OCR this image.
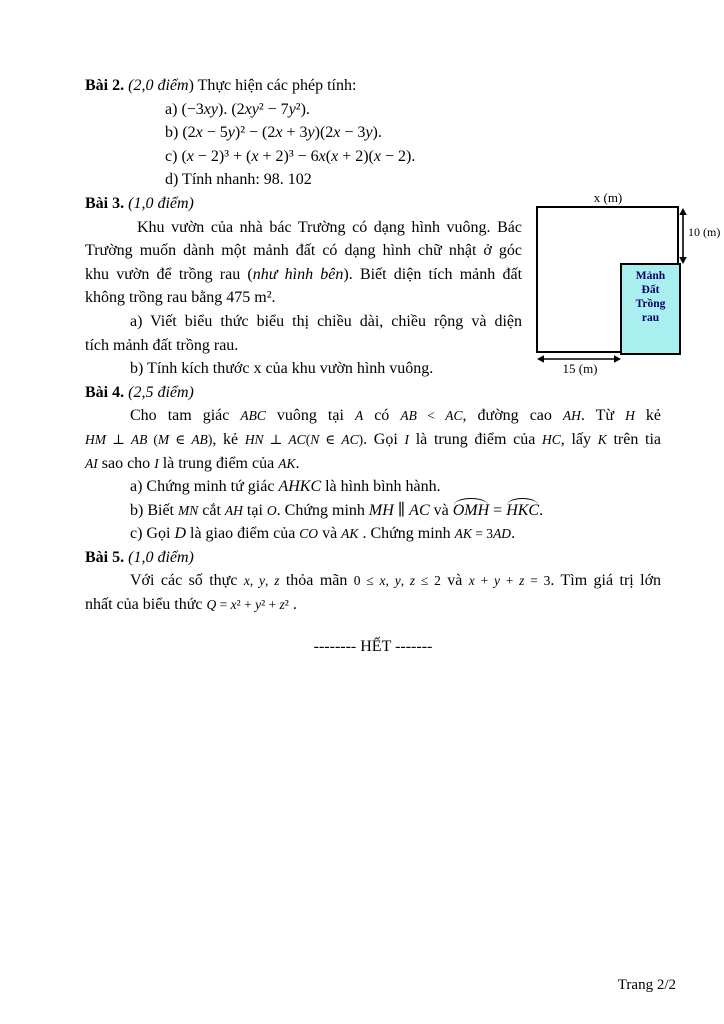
Bài 2. (2,0 điểm) Thực hiện các phép tính:
a) (−3xy). (2xy² − 7y²).
b) (2x − 5y)² − (2x + 3y)(2x − 3y).
c) (x − 2)³ + (x + 2)³ − 6x(x + 2)(x − 2).
d) Tính nhanh: 98. 102
Bài 3. (1,0 điểm)
Khu vườn của nhà bác Trường có dạng hình vuông. Bác
Trường muốn dành một mảnh đất có dạng hình chữ nhật ở góc
khu vườn để trồng rau (như hình bên). Biết diện tích mảnh đất
không trồng rau bằng 475 m².
a) Viết biểu thức biểu thị chiều dài, chiều rộng và diện
tích mảnh đất trồng rau.
b) Tính kích thước x của khu vườn hình vuông.
Bài 4. (2,5 điểm)
Cho tam giác ABC vuông tại A có AB < AC, đường cao AH. Từ H kẻ
HM ⊥ AB (M ∈ AB), kẻ HN ⊥ AC(N ∈ AC). Gọi I là trung điểm của HC, lấy K trên tia
AI sao cho I là trung điểm của AK.
a) Chứng minh tứ giác AHKC là hình bình hành.
b) Biết MN cắt AH tại O. Chứng minh MH ∥ AC và OMH = HKC.
c) Gọi D là giao điểm của CO và AK . Chứng minh AK = 3AD.
Bài 5. (1,0 điểm)
Với các số thực x, y, z thỏa mãn 0 ≤ x, y, z ≤ 2 và x + y + z = 3. Tìm giá trị lớn
nhất của biểu thức Q = x² + y² + z² .
-------- HẾT -------
x (m)
Mảnh
Đất
Trồng
rau
10 (m)
15 (m)
Trang 2/2
